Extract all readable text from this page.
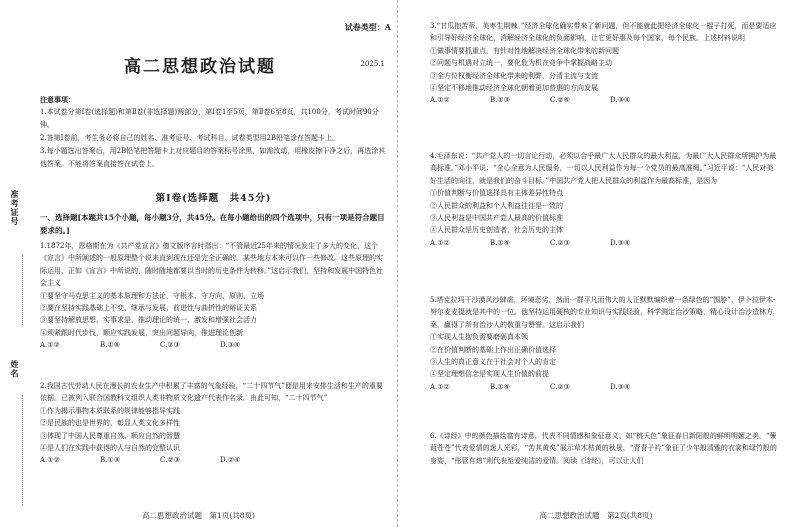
准考证号
姓名
试卷类型：A
高二思想政治试题	2025.1

注意事项：

1.本试卷分第Ⅰ卷(选择题)和第Ⅱ卷(非选择题)两部分，第Ⅰ卷1至5页，第Ⅱ卷6至8页，共100分，考试时间90分钟。

2.答第Ⅰ卷前，考生务必将自己的姓名、准考证号、考试科目、试卷类型用2B铅笔涂在答题卡上。

3.每小题选出答案后，用2B铅笔把答题卡上对应题目的答案标号涂黑，如需改动，用橡皮擦干净之后，再选涂其他答案。不能将答案直接答在试卷上。

第Ⅰ卷(选择题　共45分)
一、选择题[本题共15个小题，每小题3分，共45分。在每小题给出的四个选项中，只有一项是符合题目要求的。]

1.1872年，恩格斯在为《共产党宣言》德文版序言时指出：“不管最近25年来的情况发生了多大的变化，这个《宣言》中所阐述的一般原理整个说来直到现在还是完全正确的。某些地方本来可以作一些修改。这些原理的实际运用，正如《宣言》中所说的，随时随地都要以当时的历史条件为转移。”这启示我们，坚持和发展中国特色社会主义

①要坚守马克思主义的基本原理和方法论，守根本、守方向、原则、立场

②要在坚持实践基础上不变、继承与发展、前进性与曲折性的辩证关系

③要坚持解放思想，实事求是，推动理论的统一、激发和增强社会活力

④须紧跟时代步伐，顺应实践发展，突出问题导向，推进理论创新

A.①②	B.①④	C.②③	D.③④

2.我国古代劳动人民在漫长的农业生产中积累了丰富的气象经验，“二十四节气”便是用来安排生活和生产的重要依据。已被列入联合国教科文组织人类非物质文化遗产代表作名录。由此可知，“二十四节气”

①作为揭示事物本质联系的规律能够指导实践

②是民族的也是世界的，彰显人类文化多样性

③体现了中国人民尊重自然、顺应自然的智慧

④是人们在实践中获得的人与自然的完整认识

A.①②	B.①③	C.②③	D.②④
高二思想政治试题　第1页(共8页)

3.“甘瓜抱苦蒂，美枣生荆棘。”经济全球化确实带来了新问题，但不能就此把经济全球化一棍子打死，而是要适应和引导好经济全球化，消解经济全球化的负面影响，让它更好惠及每个国家、每个民族。上述材料说明

①做事情要抓重点，有针对性地解决经济全球化带来的新问题

②问题与机遇对立统一，要化危为机在竞争中掌握战略主动

③全方位权衡经济全球化带来的利弊，分清主流与支流

④坚定不移地推动经济全球化朝着更加普惠的方向发展

A.①②	B.①③	C.②④	D.③④

4.毛泽东说：“共产党人的一切言论行动，必须以合乎最广大人民群众的最大利益，为最广大人民群众所拥护为最高标准。”邓小平说：“全心全意为人民服务，一切以人民利益作为每一个党员的最高准绳。”习近平说：“人民对美好生活的向往，就是我们的奋斗目标。”中国共产党人把人民群众的利益作为最高标准，是因为

①价值判断与价值选择具有主体差异性特点

②人民群众的利益和个人利益往往是一致的

③人民利益是中国共产党人最高的价值标准

④人民群众是历史创造者，社会历史的主体

A.①②	B.①④	C.②③	D.③④

5.塔克拉玛干沙漠风沙肆虐，环境恶劣，然而一群平凡而伟大的人正默默编织着一条绿色的“围脖”，伊卜拉伊木·努尔麦麦提就是其中的一位。他坚持运用硬核的专业知识与实践经验，科学测定治沙策略，精心设计治沙造林方案，赢得了所有治沙人的敬重与赞誉。这启示我们

①实现人生抱负需要磨砺真本领

②在价值判断的基础上作出正确价值选择

③人生的真正意义在于社会对个人的肯定

④坚定理想信念是实现人生价值的前提

A.①②	B.①④	C.②③	D.③④

6.《诗经》中的颜色描绘富有诗意，代表不同情感和象征意义。如“桃夭色”象征春日新阳般的鲜明明媚之美，“蒹葭苍苍”代表爱情的迷人光彩，“苦其黄矣”展示草木枯黄的秋景，“青青子衿”象征了少年般清雅的衣裳和绿竹般的身姿，“彤管有炜”则代表至爱纯洁的爱情。阅读《诗经》，可以让人们

高二思想政治试题　第2页(共8页)
